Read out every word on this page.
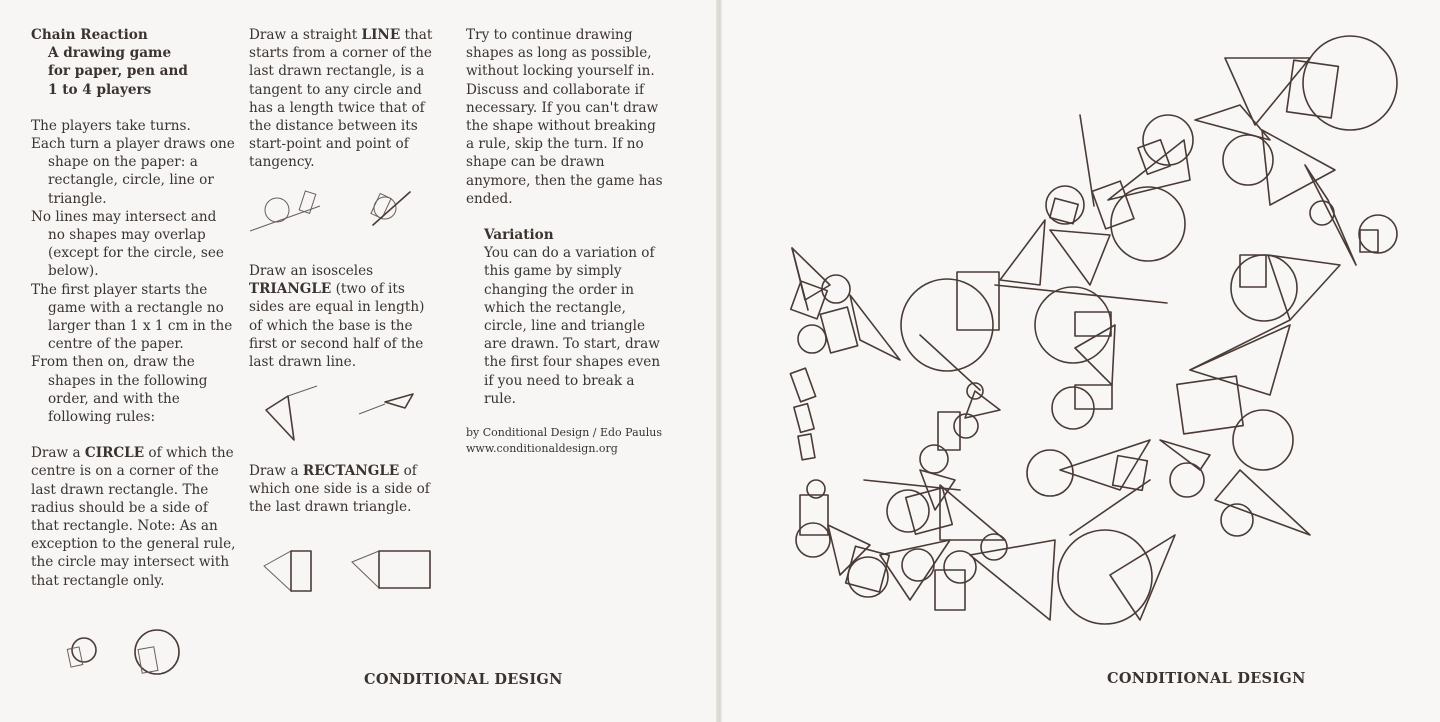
Chain Reaction

A drawing game

for paper, pen and

1 to 4 players

The players take turns.

Each turn a player draws one shape on the paper: a rectangle, circle, line or triangle.

No lines may intersect and no shapes may overlap (except for the circle, see below).

The first player starts the game with a rectangle no larger than 1 x 1 cm in the centre of the paper.

From then on, draw the shapes in the following order, and with the following rules:

Draw a CIRCLE of which the centre is on a corner of the last drawn rectangle. The radius should be a side of that rectangle. Note: As an exception to the general rule, the circle may intersect with that rectangle only.

Draw a straight LINE that starts from a corner of the last drawn rectangle, is a tangent to any circle and has a length twice that of the distance between its start-point and point of tangency.

Draw an isosceles TRIANGLE (two of its sides are equal in length) of which the base is the first or second half of the last drawn line.

Draw a RECTANGLE of which one side is a side of the last drawn triangle.

Try to continue drawing shapes as long as possible, without locking yourself in. Discuss and collaborate if necessary. If you can't draw the shape without breaking a rule, skip the turn. If no shape can be drawn anymore, then the game has ended.

Variation

You can do a variation of this game by simply changing the order in which the rectangle, circle, line and triangle are drawn. To start, draw the first four shapes even if you need to break a rule.

by Conditional Design / Edo Paulus

www.conditionaldesign.org

CONDITIONAL DESIGN	CONDITIONAL DESIGN
